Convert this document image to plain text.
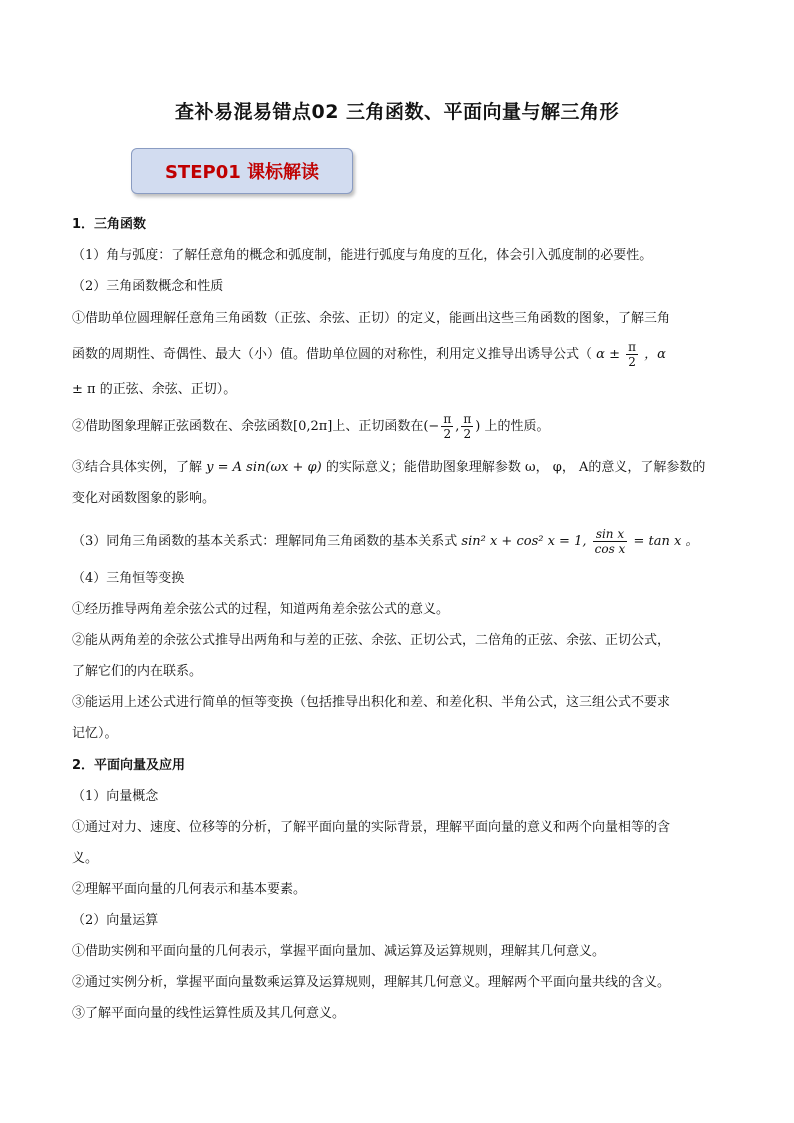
查补易混易错点02 三角函数、平面向量与解三角形
STEP01 课标解读
1．三角函数
（1）角与弧度：了解任意角的概念和弧度制，能进行弧度与角度的互化，体会引入弧度制的必要性。
（2）三角函数概念和性质
①借助单位圆理解任意角三角函数（正弦、余弦、正切）的定义，能画出这些三角函数的图象，了解三角
函数的周期性、奇偶性、最大（小）值。借助单位圆的对称性，利用定义推导出诱导公式（ $\alpha \pm \frac{\pi}{2}$ ，α
± π 的正弦、余弦、正切）。
②借助图象理解正弦函数在、余弦函数[0,2π]上、正切函数在(− $\frac{\pi}{2}$ , $\frac{\pi}{2}$ ) 上的性质。
③结合具体实例，了解 y = A sin(ωx + φ) 的实际意义；能借助图象理解参数 ω， φ， A的意义，了解参数的
变化对函数图象的影响。
（3）同角三角函数的基本关系式：理解同角三角函数的基本关系式 sin² x + cos² x = 1, $\frac{\text{sin x}}{\text{cos x}} = \tan x$ 。
（4）三角恒等变换
①经历推导两角差余弦公式的过程，知道两角差余弦公式的意义。
②能从两角差的余弦公式推导出两角和与差的正弦、余弦、正切公式，二倍角的正弦、余弦、正切公式，
了解它们的内在联系。
③能运用上述公式进行简单的恒等变换（包括推导出积化和差、和差化积、半角公式，这三组公式不要求
记忆）。
2．平面向量及应用
（1）向量概念
①通过对力、速度、位移等的分析，了解平面向量的实际背景，理解平面向量的意义和两个向量相等的含
义。
②理解平面向量的几何表示和基本要素。
（2）向量运算
①借助实例和平面向量的几何表示，掌握平面向量加、减运算及运算规则，理解其几何意义。
②通过实例分析，掌握平面向量数乘运算及运算规则，理解其几何意义。理解两个平面向量共线的含义。
③了解平面向量的线性运算性质及其几何意义。
